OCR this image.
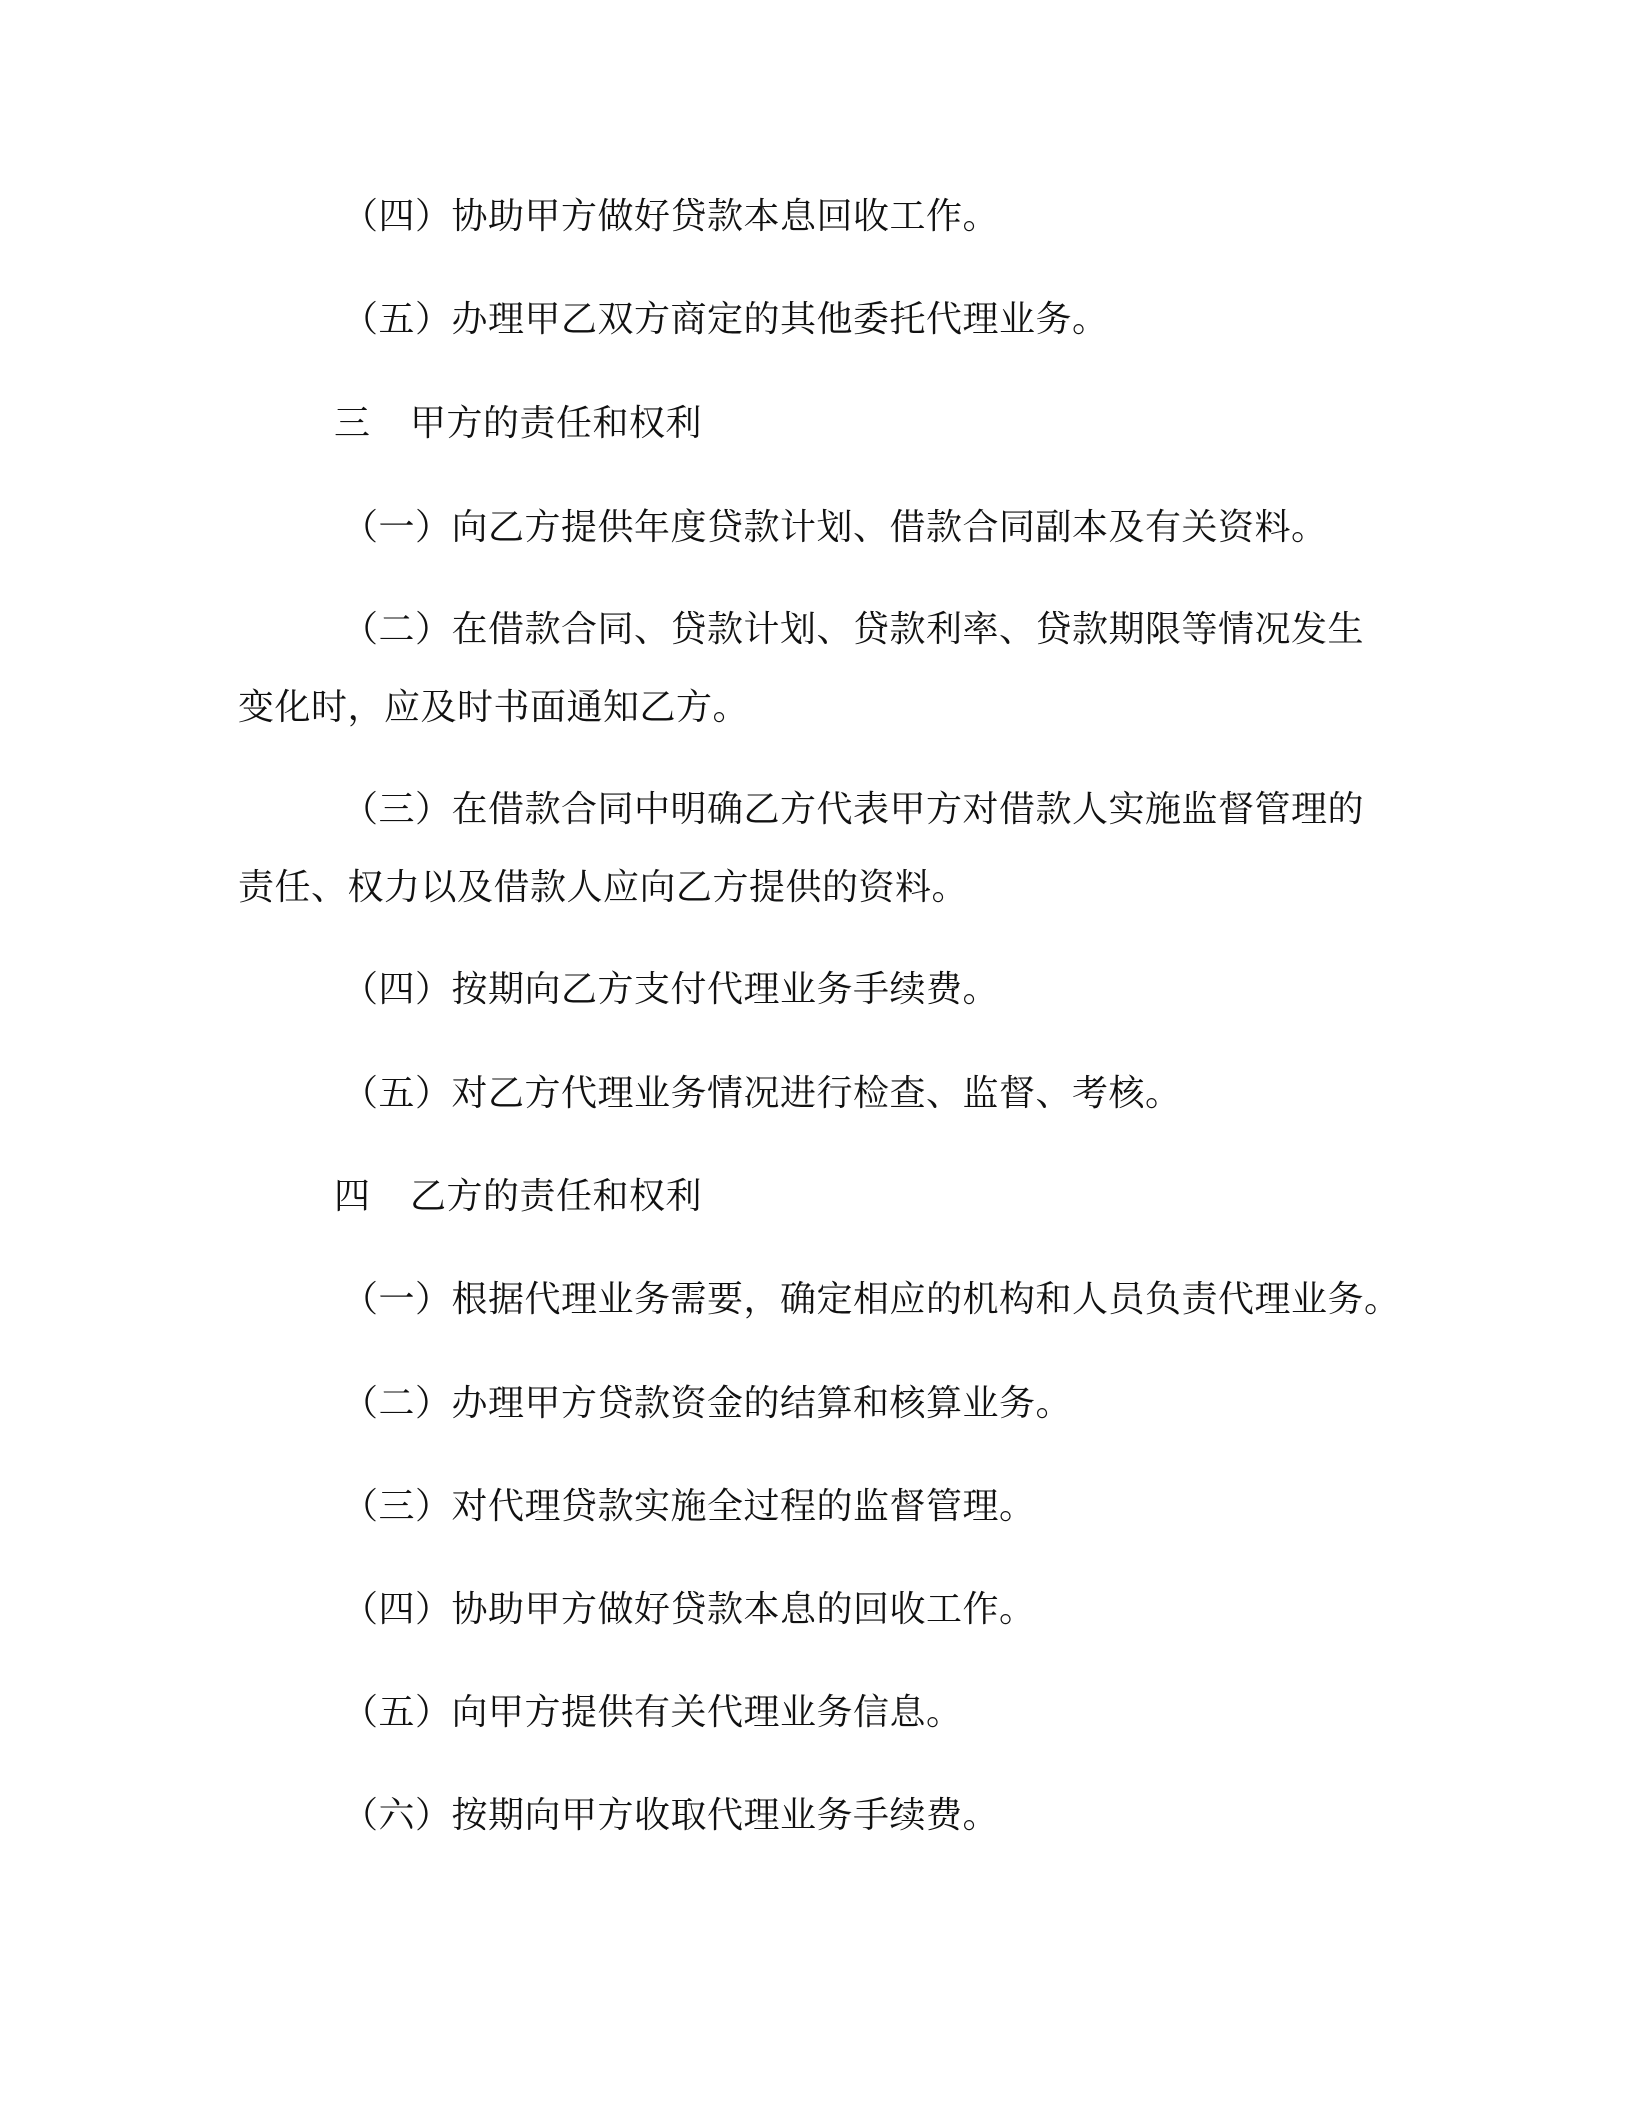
（四）协助甲方做好贷款本息回收工作。
（五）办理甲乙双方商定的其他委托代理业务。
三 甲方的责任和权利
（一）向乙方提供年度贷款计划、借款合同副本及有关资料。
（二）在借款合同、贷款计划、贷款利率、贷款期限等情况发生
变化时，应及时书面通知乙方。
（三）在借款合同中明确乙方代表甲方对借款人实施监督管理的
责任、权力以及借款人应向乙方提供的资料。
（四）按期向乙方支付代理业务手续费。
（五）对乙方代理业务情况进行检查、监督、考核。
四 乙方的责任和权利
（一）根据代理业务需要，确定相应的机构和人员负责代理业务。
（二）办理甲方贷款资金的结算和核算业务。
（三）对代理贷款实施全过程的监督管理。
（四）协助甲方做好贷款本息的回收工作。
（五）向甲方提供有关代理业务信息。
（六）按期向甲方收取代理业务手续费。
